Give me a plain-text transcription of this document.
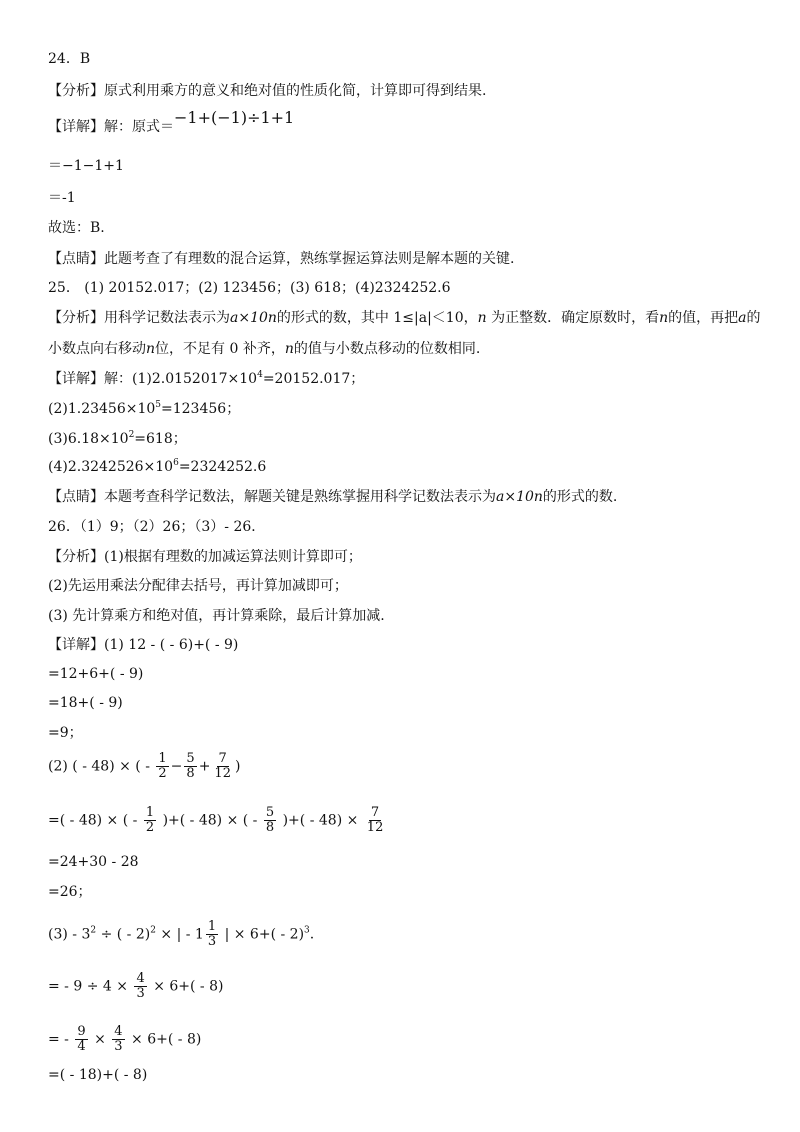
24．B
【分析】原式利用乘方的意义和绝对值的性质化简，计算即可得到结果.
【详解】解：原式＝−1+(−1)÷1+1
＝−1−1+1
＝-1
故选：B.
【点睛】此题考查了有理数的混合运算，熟练掌握运算法则是解本题的关键.
25． (1) 20152.017；(2) 123456；(3) 618；(4)2324252.6
【分析】用科学记数法表示为a×10n的形式的数，其中 1≤|a|＜10，n 为正整数．确定原数时，看n的值，再把a的
小数点向右移动n位，不足有 0 补齐，n的值与小数点移动的位数相同.
【详解】解：$(1)2.0152017\times 10^4=20152.017$；
$(2)1.23456\times 10^5=123456$；
$(3)6.18\times 10^2=618$；
$(4)2.3242526\times 10^6=2324252.6$
【点睛】本题考查科学记数法，解题关键是熟练掌握用科学记数法表示为a×10n的形式的数.
26．（1）9；（2）26；（3）- 26．
【分析】(1)根据有理数的加减运算法则计算即可；
(2)先运用乘法分配律去括号，再计算加减即可；
(3) 先计算乘方和绝对值，再计算乘除，最后计算加减.
【详解】(1) 12 - ( - 6)+( - 9)
=12+6+( - 9)
=18+( - 9)
=9；
(2) ( - 48) × ( - $\frac{1}{2} - \frac{5}{8} + \frac{7}{12}$ )
=( - 48) × ( - $\frac{1}{2}$ )+( - 48) × ( - $\frac{5}{8}$ )+( - $48) \times \frac{7}{12}$
=24+30 - 28
=26；
$(3) - 3^2$ ÷ ( - 2)$^2$ × | - $1 \frac{1}{3}$ | × 6+( - 2)$^3$.
= - $9 \div 4 \times \frac{4}{3} \times 6+( - 8)$
= - $\frac{9}{4} \times \frac{4}{3} \times 6+( - 8)$
=( - 18)+( - 8)
